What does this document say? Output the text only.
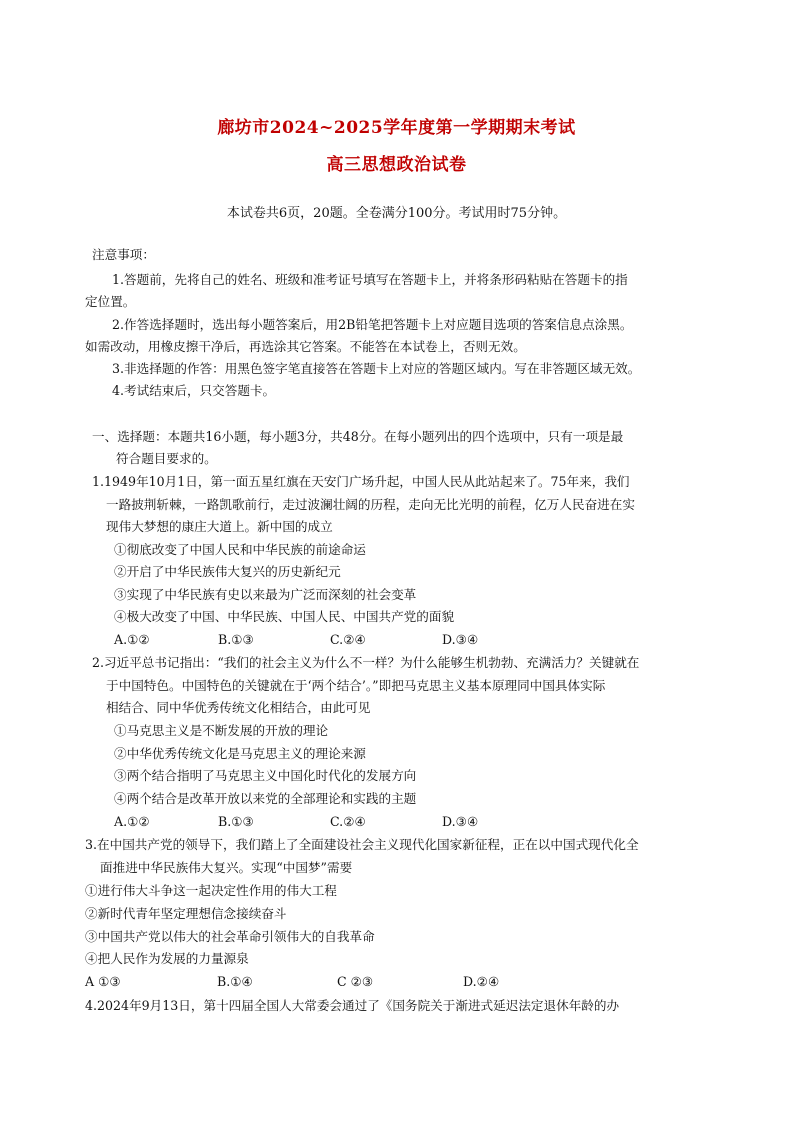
廊坊市2024~2025学年度第一学期期末考试
高三思想政治试卷
本试卷共6页，20题。全卷满分100分。考试用时75分钟。
注意事项：
1.答题前，先将自己的姓名、班级和准考证号填写在答题卡上，并将条形码粘贴在答题卡的指
定位置。
2.作答选择题时，选出每小题答案后，用2B铅笔把答题卡上对应题目选项的答案信息点涂黑。
如需改动，用橡皮擦干净后，再选涂其它答案。不能答在本试卷上，否则无效。
3.非选择题的作答：用黑色签字笔直接答在答题卡上对应的答题区域内。写在非答题区域无效。
4.考试结束后，只交答题卡。
一、选择题：本题共16小题，每小题3分，共48分。在每小题列出的四个选项中，只有一项是最
符合题目要求的。
1.1949年10月1日，第一面五星红旗在天安门广场升起，中国人民从此站起来了。75年来，我们
一路披荆斩棘，一路凯歌前行，走过波澜壮阔的历程，走向无比光明的前程，亿万人民奋进在实
现伟大梦想的康庄大道上。新中国的成立
①彻底改变了中国人民和中华民族的前途命运
②开启了中华民族伟大复兴的历史新纪元
③实现了中华民族有史以来最为广泛而深刻的社会变革
④极大改变了中国、中华民族、中国人民、中国共产党的面貌
A.①②	B.①③	C.②④	D.③④
2.习近平总书记指出：“我们的社会主义为什么不一样？为什么能够生机勃勃、充满活力？关键就在
于中国特色。中国特色的关键就在于‘两个结合’。”即把马克思主义基本原理同中国具体实际
相结合、同中华优秀传统文化相结合，由此可见
①马克思主义是不断发展的开放的理论
②中华优秀传统文化是马克思主义的理论来源
③两个结合指明了马克思主义中国化时代化的发展方向
④两个结合是改革开放以来党的全部理论和实践的主题
A.①②	B.①③	C.②④	D.③④
3.在中国共产党的领导下，我们踏上了全面建设社会主义现代化国家新征程，正在以中国式现代化全
面推进中华民族伟大复兴。实现“中国梦”需要
①进行伟大斗争这一起决定性作用的伟大工程
②新时代青年坚定理想信念接续奋斗
③中国共产党以伟大的社会革命引领伟大的自我革命
④把人民作为发展的力量源泉
A ①③	B.①④	C ②③	D.②④
4.2024年9月13日，第十四届全国人大常委会通过了《国务院关于渐进式延迟法定退休年龄的办
